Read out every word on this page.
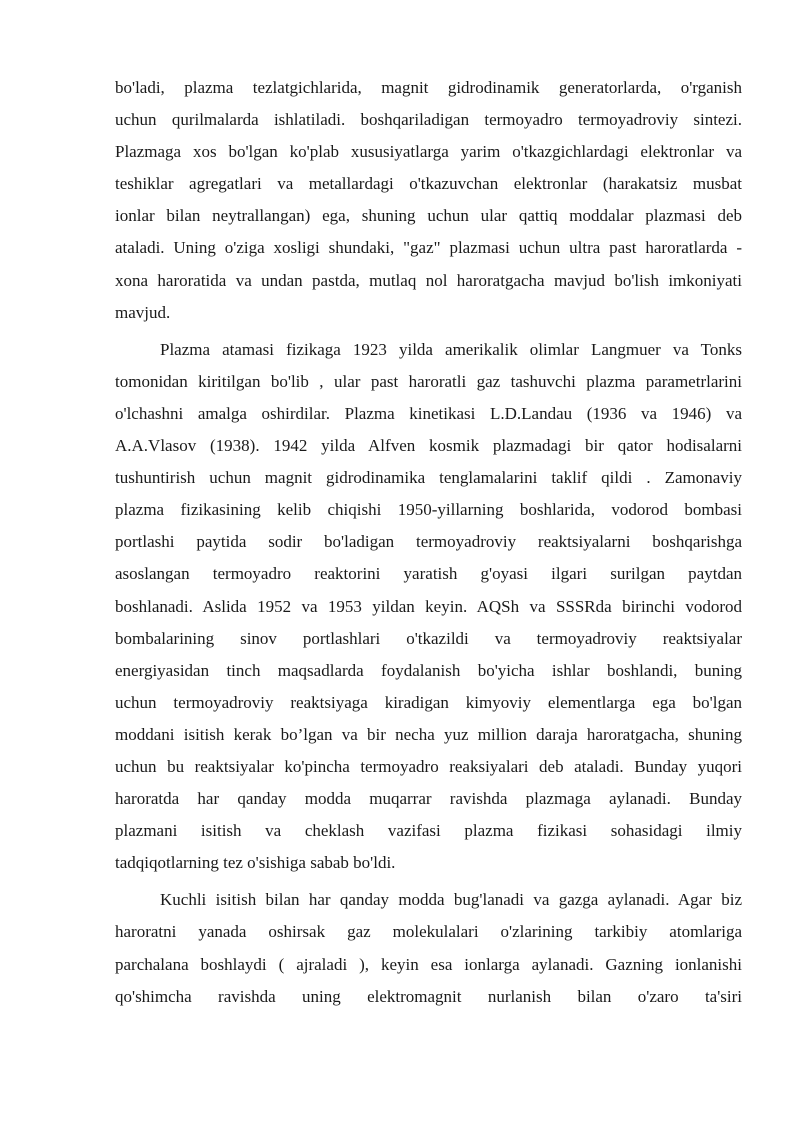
bo'ladi, plazma tezlatgichlarida, magnit gidrodinamik generatorlarda, o'rganish
uchun qurilmalarda ishlatiladi. boshqariladigan termoyadro termoyadroviy sintezi.
Plazmaga xos bo'lgan ko'plab xususiyatlarga yarim o'tkazgichlardagi elektronlar va
teshiklar agregatlari va metallardagi o'tkazuvchan elektronlar (harakatsiz musbat
ionlar bilan neytrallangan) ega, shuning uchun ular qattiq moddalar plazmasi deb
ataladi. Uning o'ziga xosligi shundaki, "gaz" plazmasi uchun ultra past haroratlarda -
xona haroratida va undan pastda, mutlaq nol haroratgacha mavjud bo'lish imkoniyati
mavjud.
Plazma atamasi fizikaga 1923 yilda amerikalik olimlar Langmuer va Tonks
tomonidan kiritilgan bo'lib , ular past haroratli gaz tashuvchi plazma parametrlarini
o'lchashni amalga oshirdilar. Plazma kinetikasi L.D.Landau (1936 va 1946) va
A.A.Vlasov (1938). 1942 yilda Alfven kosmik plazmadagi bir qator hodisalarni
tushuntirish uchun magnit gidrodinamika tenglamalarini taklif qildi . Zamonaviy
plazma fizikasining kelib chiqishi 1950-yillarning boshlarida, vodorod bombasi
portlashi paytida sodir bo'ladigan termoyadroviy reaktsiyalarni boshqarishga
asoslangan termoyadro reaktorini yaratish g'oyasi ilgari surilgan paytdan
boshlanadi. Aslida 1952 va 1953 yildan keyin. AQSh va SSSRda birinchi vodorod
bombalarining sinov portlashlari o'tkazildi va termoyadroviy reaktsiyalar
energiyasidan tinch maqsadlarda foydalanish bo'yicha ishlar boshlandi, buning
uchun termoyadroviy reaktsiyaga kiradigan kimyoviy elementlarga ega bo'lgan
moddani isitish kerak bo’lgan va bir necha yuz million daraja haroratgacha, shuning
uchun bu reaktsiyalar ko'pincha termoyadro reaksiyalari deb ataladi. Bunday yuqori
haroratda har qanday modda muqarrar ravishda plazmaga aylanadi. Bunday
plazmani isitish va cheklash vazifasi plazma fizikasi sohasidagi ilmiy
tadqiqotlarning tez o'sishiga sabab bo'ldi.
Kuchli isitish bilan har qanday modda bug'lanadi va gazga aylanadi. Agar biz
haroratni yanada oshirsak gaz molekulalari o'zlarining tarkibiy atomlariga
parchalana boshlaydi ( ajraladi ), keyin esa ionlarga aylanadi. Gazning ionlanishi
qo'shimcha ravishda uning elektromagnit nurlanish bilan o'zaro ta'siri
